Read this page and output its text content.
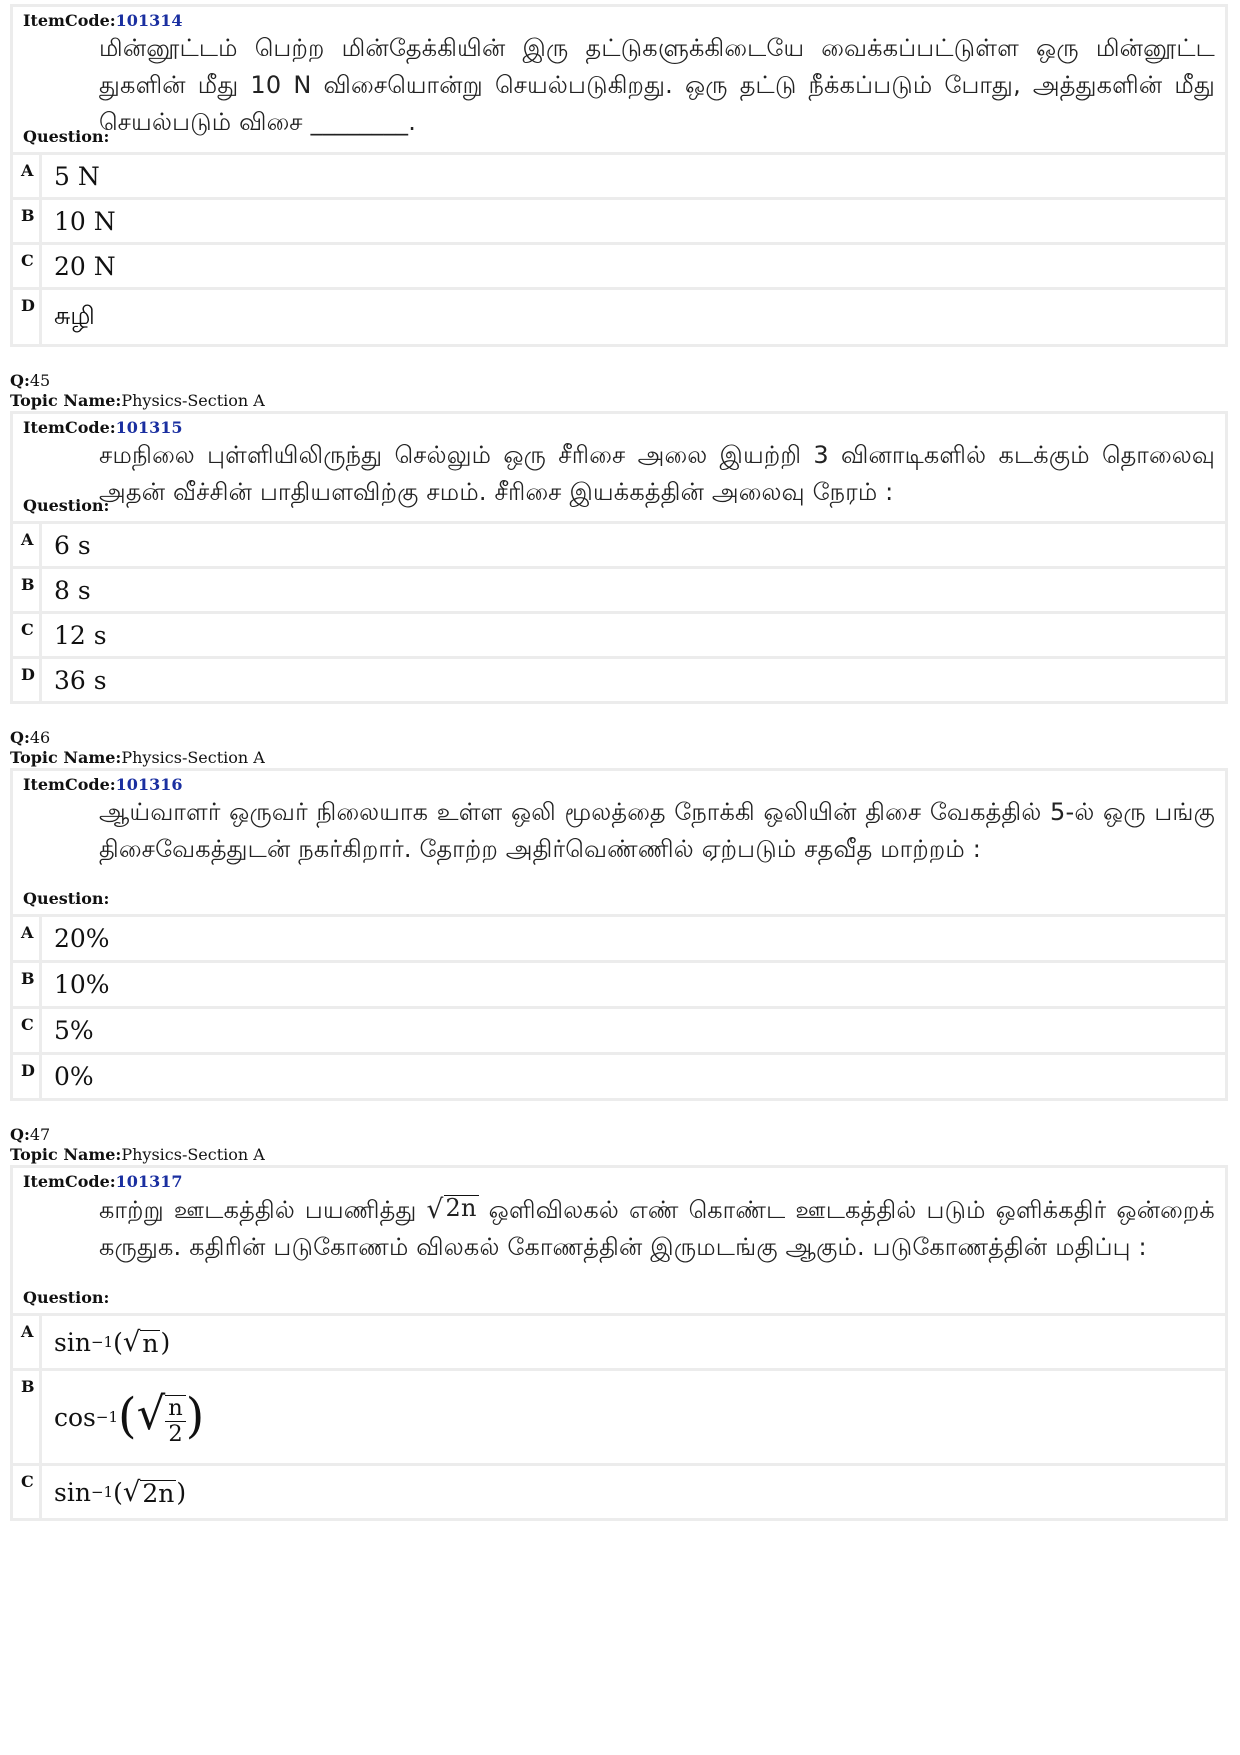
ItemCode:101314
Question:
மின்னூட்டம் பெற்ற மின்தேக்கியின் இரு தட்டுகளுக்கிடையே வைக்கப்பட்டுள்ள ஒரு மின்னூட்ட துகளின் மீது 10 N விசையொன்று செயல்படுகிறது. ஒரு தட்டு நீக்கப்படும் போது, அத்துகளின் மீது செயல்படும் விசை ________.
A 5 N
B 10 N
C 20 N
D சுழி
Q:45
Topic Name:Physics-Section A
ItemCode:101315
Question:
சமநிலை புள்ளியிலிருந்து செல்லும் ஒரு சீரிசை அலை இயற்றி 3 வினாடிகளில் கடக்கும் தொலைவு அதன் வீச்சின் பாதியளவிற்கு சமம். சீரிசை இயக்கத்தின் அலைவு நேரம் :
A 6 s
B 8 s
C 12 s
D 36 s
Q:46
Topic Name:Physics-Section A
ItemCode:101316
Question:
ஆய்வாளர் ஒருவர் நிலையாக உள்ள ஒலி மூலத்தை நோக்கி ஒலியின் திசை வேகத்தில் 5-ல் ஒரு பங்கு திசைவேகத்துடன் நகர்கிறார். தோற்ற அதிர்வெண்ணில் ஏற்படும் சதவீத மாற்றம் :
A 20%
B 10%
C 5%
D 0%
Q:47
Topic Name:Physics-Section A
ItemCode:101317
Question:
காற்று ஊடகத்தில் பயணித்து √ 2n ஒளிவிலகல் எண் கொண்ட ஊடகத்தில் படும் ஒளிக்கதிர் ஒன்றைக் கருதுக. கதிரின் படுகோணம் விலகல் கோணத்தின் இருமடங்கு ஆகும். படுகோணத்தின் மதிப்பு :
A sin −1 ( √ n )
B
cos −1 ( √ $\frac{n}{2}$ )
C sin −1 ( √ 2n )
